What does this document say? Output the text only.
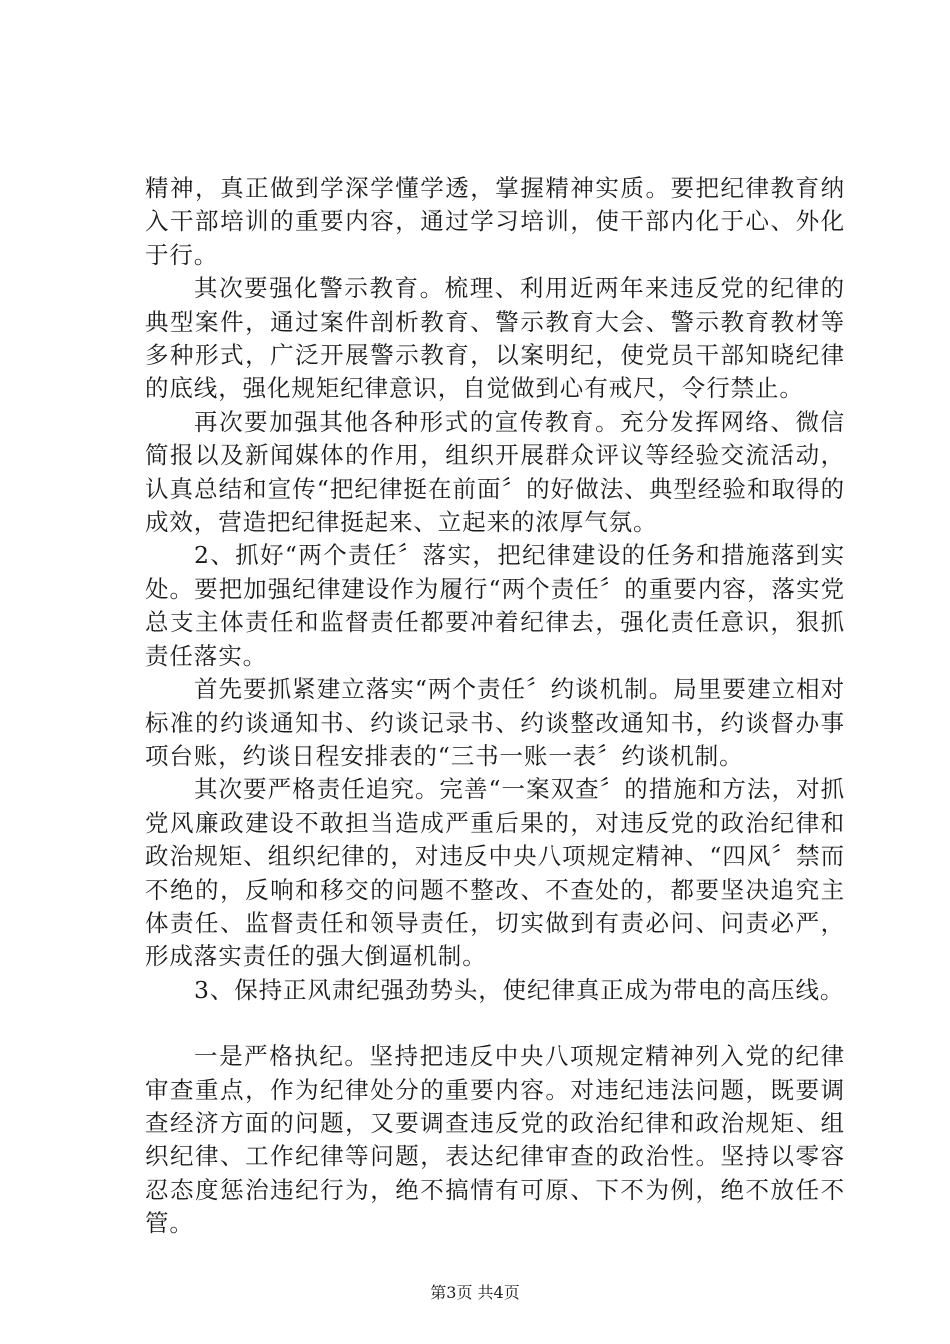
精神，真正做到学深学懂学透，掌握精神实质。要把纪律教育纳入干部培训的重要内容，通过学习培训，使干部内化于心、外化于行。

其次要强化警示教育。梳理、利用近两年来违反党的纪律的典型案件，通过案件剖析教育、警示教育大会、警示教育教材等多种形式，广泛开展警示教育，以案明纪，使党员干部知晓纪律的底线，强化规矩纪律意识，自觉做到心有戒尺，令行禁止。

再次要加强其他各种形式的宣传教育。充分发挥网络、微信简报以及新闻媒体的作用，组织开展群众评议等经验交流活动，认真总结和宣传“把纪律挺在前面〞的好做法、典型经验和取得的成效，营造把纪律挺起来、立起来的浓厚气氛。

2、抓好“两个责任〞落实，把纪律建设的任务和措施落到实处。要把加强纪律建设作为履行“两个责任〞的重要内容，落实党总支主体责任和监督责任都要冲着纪律去，强化责任意识，狠抓责任落实。

首先要抓紧建立落实“两个责任〞约谈机制。局里要建立相对标准的约谈通知书、约谈记录书、约谈整改通知书，约谈督办事项台账，约谈日程安排表的“三书一账一表〞约谈机制。

其次要严格责任追究。完善“一案双查〞的措施和方法，对抓党风廉政建设不敢担当造成严重后果的，对违反党的政治纪律和政治规矩、组织纪律的，对违反中央八项规定精神、“四风〞禁而不绝的，反响和移交的问题不整改、不查处的，都要坚决追究主体责任、监督责任和领导责任，切实做到有责必问、问责必严，形成落实责任的强大倒逼机制。

3、保持正风肃纪强劲势头，使纪律真正成为带电的高压线。

一是严格执纪。坚持把违反中央八项规定精神列入党的纪律审查重点，作为纪律处分的重要内容。对违纪违法问题，既要调查经济方面的问题，又要调查违反党的政治纪律和政治规矩、组织纪律、工作纪律等问题，表达纪律审查的政治性。坚持以零容忍态度惩治违纪行为，绝不搞情有可原、下不为例，绝不放任不管。

第3页 共4页
